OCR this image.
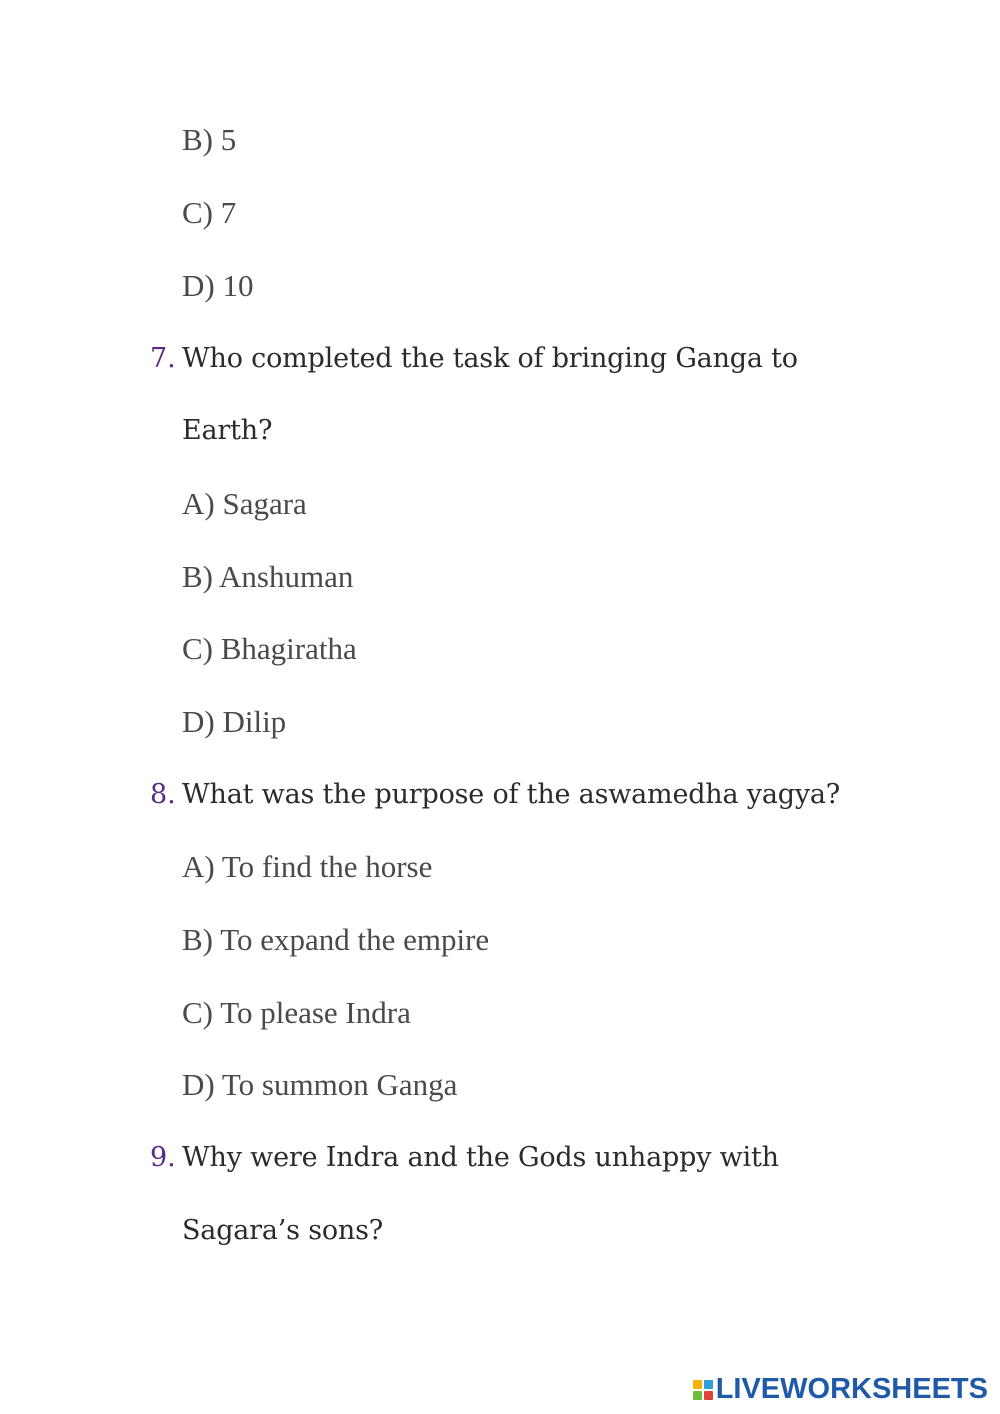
B) 5
C) 7
D) 10
7. Who completed the task of bringing Ganga to
Earth?
A) Sagara
B) Anshuman
C) Bhagiratha
D) Dilip
8. What was the purpose of the aswamedha yagya?
A) To find the horse
B) To expand the empire
C) To please Indra
D) To summon Ganga
9. Why were Indra and the Gods unhappy with
Sagara’s sons?
LIVEWORKSHEETS
